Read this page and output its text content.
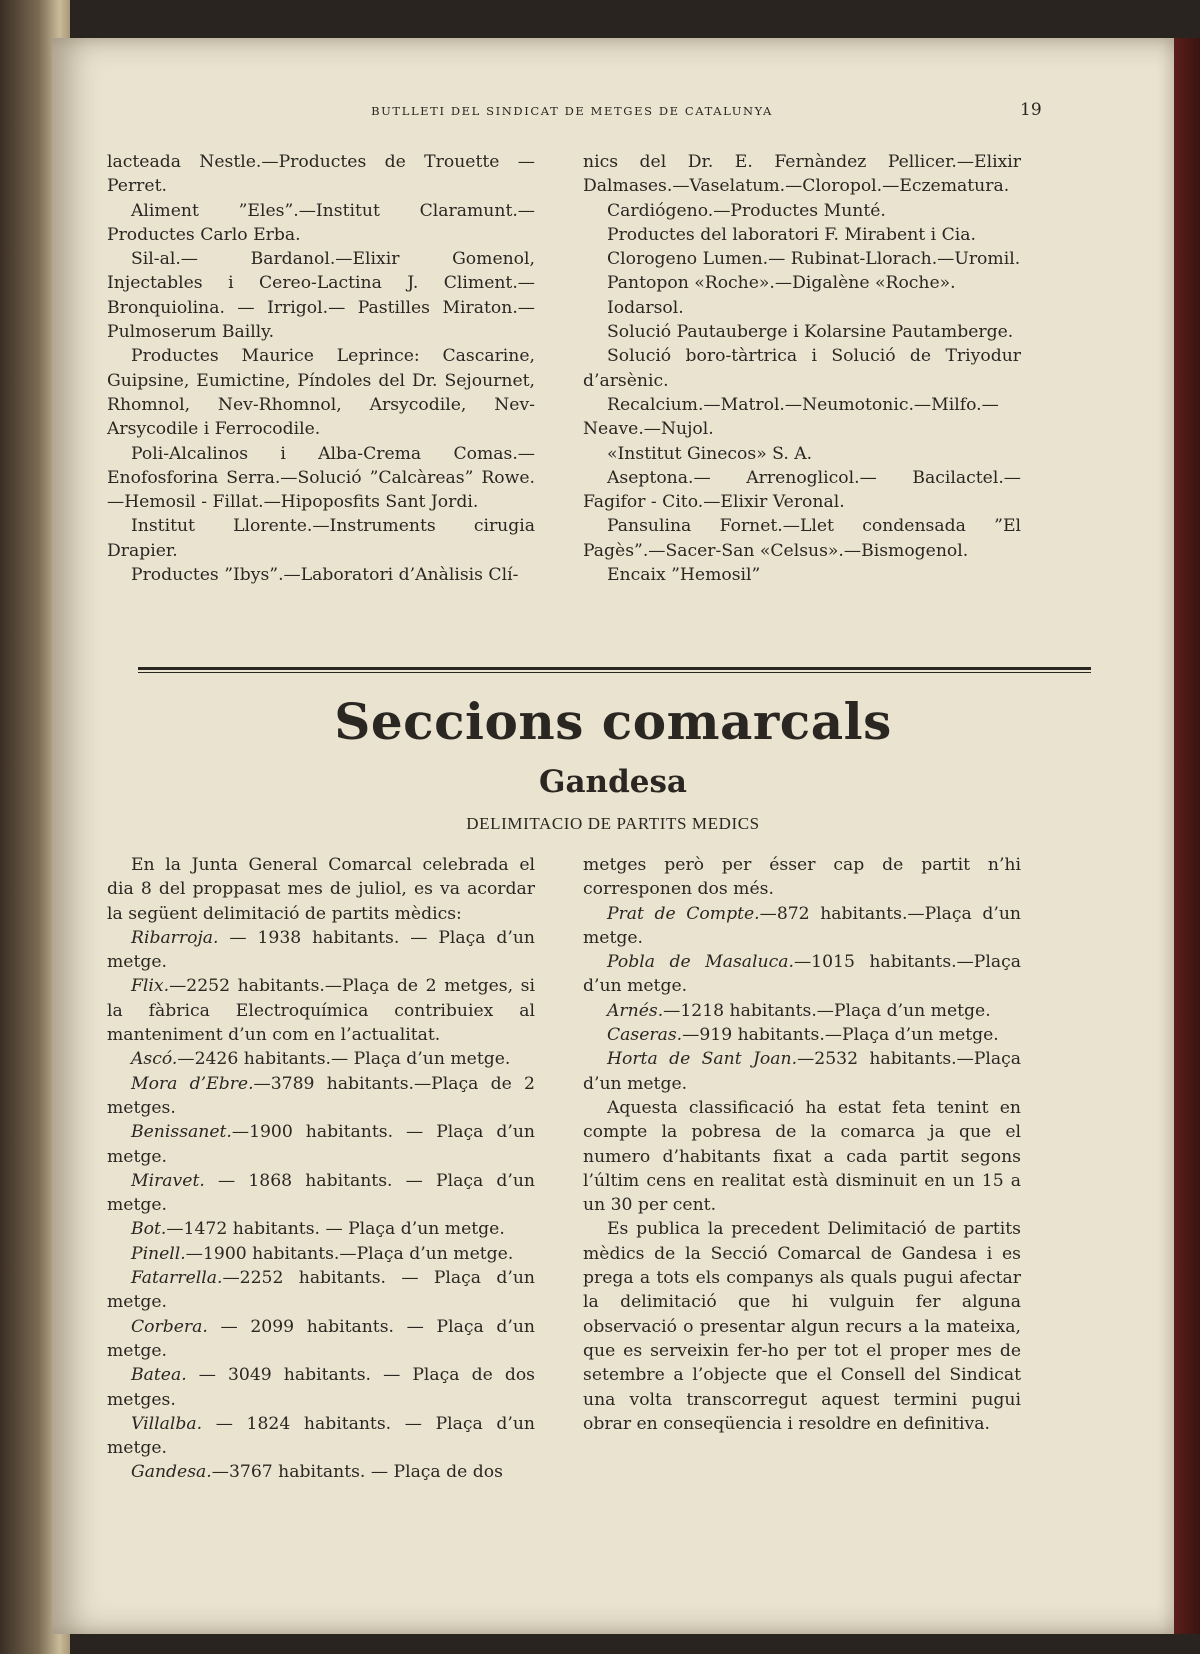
BUTLLETI DEL SINDICAT DE METGES DE CATALUNYA	19

lacteada Nestle.—Productes de Trouette — Perret.

Aliment ”Eles”.—Institut Claramunt.—Productes Carlo Erba.

Sil-al.— Bardanol.—Elixir Gomenol, Injectables i Cereo-Lactina J. Climent.—Bronquiolina. — Irrigol.— Pastilles Miraton.— Pulmoserum Bailly.

Productes Maurice Leprince: Cascarine, Guipsine, Eumictine, Píndoles del Dr. Sejournet, Rhomnol, Nev-Rhomnol, Arsycodile, Nev-Arsycodile i Ferrocodile.

Poli-Alcalinos i Alba-Crema Comas.—Enofosforina Serra.—Solució ”Calcàreas” Rowe.—Hemosil - Fillat.—Hipoposfits Sant Jordi.

Institut Llorente.—Instruments cirugia Drapier.

Productes ”Ibys”.—Laboratori d’Anàlisis Clí-

nics del Dr. E. Fernàndez Pellicer.—Elixir Dalmases.—Vaselatum.—Cloropol.—Eczematura.

Cardiógeno.—Productes Munté.

Productes del laboratori F. Mirabent i Cia.

Clorogeno Lumen.— Rubinat-Llorach.—Uromil.

Pantopon «Roche».—Digalène «Roche».

Iodarsol.

Solució Pautauberge i Kolarsine Pautamberge.

Solució boro-tàrtrica i Solució de Triyodur d’arsènic.

Recalcium.—Matrol.—Neumotonic.—Milfo.—Neave.—Nujol.

«Institut Ginecos» S. A.

Aseptona.— Arrenoglicol.— Bacilactel.—Fagifor - Cito.—Elixir Veronal.

Pansulina Fornet.—Llet condensada ”El Pagès”.—Sacer-San «Celsus».—Bismogenol.

Encaix ”Hemosil”

Seccions comarcals
Gandesa
DELIMITACIO DE PARTITS MEDICS

En la Junta General Comarcal celebrada el dia 8 del proppasat mes de juliol, es va acordar la següent delimitació de partits mèdics:

Ribarroja. — 1938 habitants. — Plaça d’un metge.

Flix.—2252 habitants.—Plaça de 2 metges, si la fàbrica Electroquímica contribuiex al manteniment d’un com en l’actualitat.

Ascó.—2426 habitants.— Plaça d’un metge.

Mora d’Ebre.—3789 habitants.—Plaça de 2 metges.

Benissanet.—1900 habitants. — Plaça d’un metge.

Miravet. — 1868 habitants. — Plaça d’un metge.

Bot.—1472 habitants. — Plaça d’un metge.

Pinell.—1900 habitants.—Plaça d’un metge.

Fatarrella.—2252 habitants. — Plaça d’un metge.

Corbera. — 2099 habitants. — Plaça d’un metge.

Batea. — 3049 habitants. — Plaça de dos metges.

Villalba. — 1824 habitants. — Plaça d’un metge.

Gandesa.—3767 habitants. — Plaça de dos

metges però per ésser cap de partit n’hi corresponen dos més.

Prat de Compte.—872 habitants.—Plaça d’un metge.

Pobla de Masaluca.—1015 habitants.—Plaça d’un metge.

Arnés.—1218 habitants.—Plaça d’un metge.

Caseras.—919 habitants.—Plaça d’un metge.

Horta de Sant Joan.—2532 habitants.—Plaça d’un metge.

Aquesta classificació ha estat feta tenint en compte la pobresa de la comarca ja que el numero d’habitants fixat a cada partit segons l’últim cens en realitat està disminuit en un 15 a un 30 per cent.

Es publica la precedent Delimitació de partits mèdics de la Secció Comarcal de Gandesa i es prega a tots els companys als quals pugui afectar la delimitació que hi vulguin fer alguna observació o presentar algun recurs a la mateixa, que es serveixin fer-ho per tot el proper mes de setembre a l’objecte que el Consell del Sindicat una volta transcorregut aquest termini pugui obrar en conseqüencia i resoldre en definitiva.
